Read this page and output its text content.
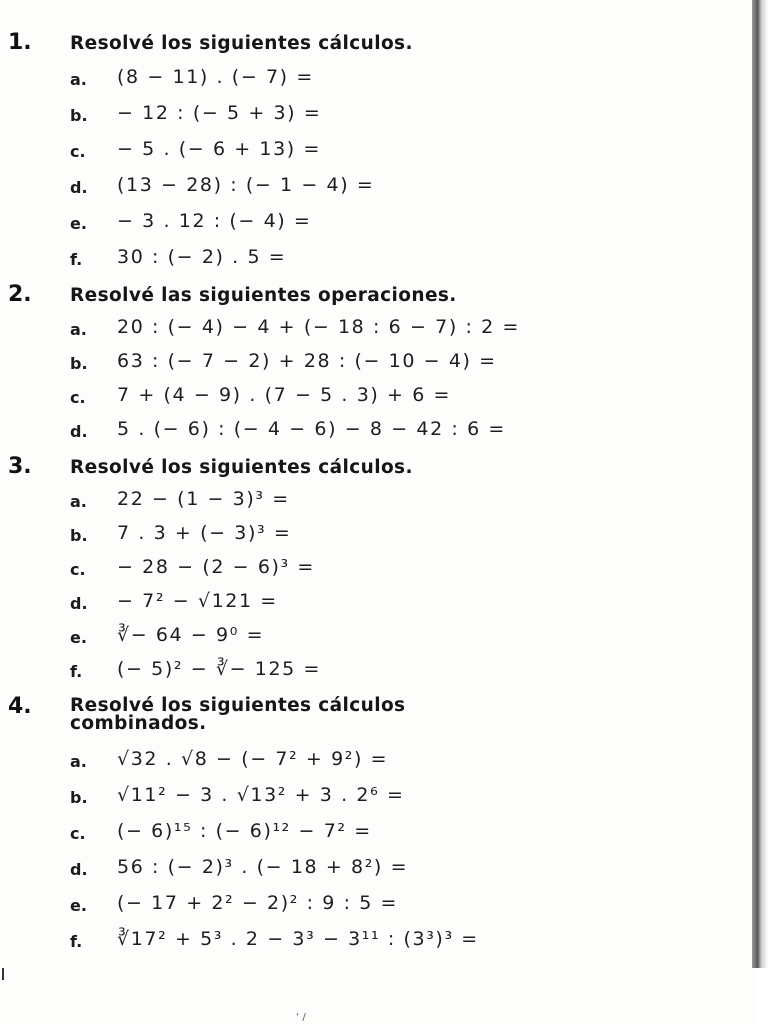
1. Resolvé los siguientes cálculos.
a. (8 − 11) . (− 7) =
b. − 12 : (− 5 + 3) =
c. − 5 . (− 6 + 13) =
d. (13 − 28) : (− 1 − 4) =
e. − 3 . 12 : (− 4) =
f. 30 : (− 2) . 5 =
2. Resolvé las siguientes operaciones.
a. 20 : (− 4) − 4 + (− 18 : 6 − 7) : 2 =
b. 63 : (− 7 − 2) + 28 : (− 10 − 4) =
c. 7 + (4 − 9) . (7 − 5 . 3) + 6 =
d. 5 . (− 6) : (− 4 − 6) − 8 − 42 : 6 =
3. Resolvé los siguientes cálculos.
a. 22 − (1 − 3)³ =
b. 7 . 3 + (− 3)³ =
c. − 28 − (2 − 6)³ =
d. − 7² − √121 =
e. ∛− 64 − 9⁰ =
f. (− 5)² − ∛− 125 =
4. Resolvé los siguientes cálculos
combinados.
a. √32 . √8 − (− 7² + 9²) =
b. √11² − 3 . √13² + 3 . 2⁶ =
c. (− 6)¹⁵ : (− 6)¹² − 7² =
d. 56 : (− 2)³ . (− 18 + 8²) =
e. (− 17 + 2² − 2)² : 9 : 5 =
f. ∛17² + 5³ . 2 − 3³ − 3¹¹ : (3³)³ =
‘ /
